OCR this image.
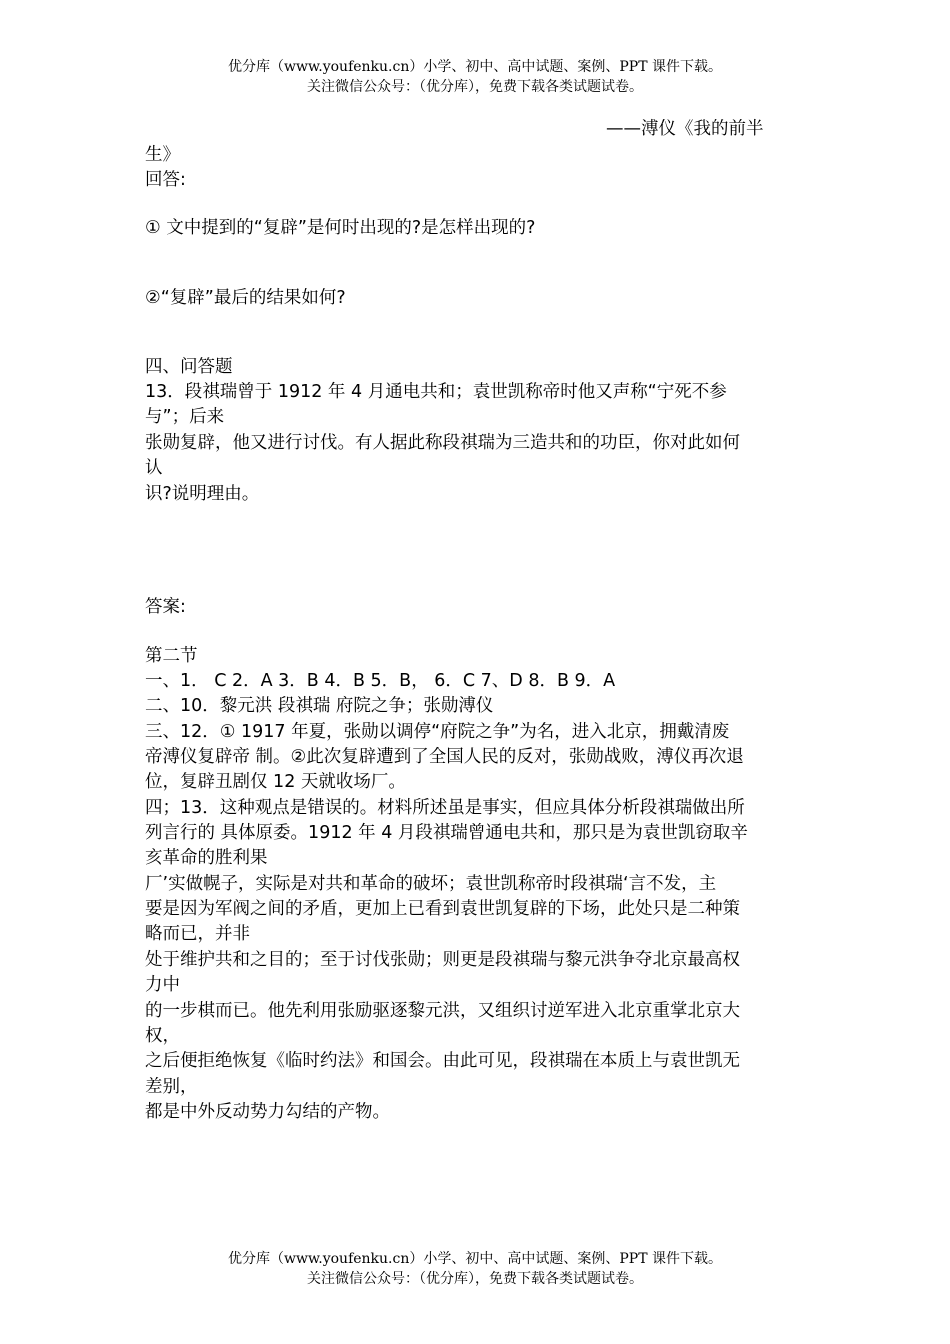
优分库（www.youfenku.cn）小学、初中、高中试题、案例、PPT 课件下载。
关注微信公众号：（优分库），免费下载各类试题试卷。
——溥仪《我的前半
生》
回答:
① 文中提到的“复辟”是何时出现的?是怎样出现的?
②“复辟”最后的结果如何?
四、问答题
13．段祺瑞曾于 1912 年 4 月通电共和；袁世凯称帝时他又声称“宁死不参
与”；后来
张勋复辟，他又进行讨伐。有人据此称段祺瑞为三造共和的功臣，你对此如何
认
识?说明理由。
答案:
第二节
一、1． C 2．A 3．B 4．B 5．B， 6．C 7、D 8．B 9．A
二、10．黎元洪 段祺瑞 府院之争；张勋溥仪
三、12．① 1917 年夏，张勋以调停“府院之争”为名，进入北京，拥戴清废
帝溥仪复辟帝 制。②此次复辟遭到了全国人民的反对，张勋战败，溥仪再次退
位，复辟丑剧仅 12 天就收场厂。
四；13．这种观点是错误的。材料所述虽是事实，但应具体分析段祺瑞做出所
列言行的 具体原委。1912 年 4 月段祺瑞曾通电共和，那只是为袁世凯窃取辛
亥革命的胜利果
厂’实做幌子，实际是对共和革命的破坏；袁世凯称帝时段祺瑞‘言不发，主
要是因为军阀之间的矛盾，更加上已看到袁世凯复辟的下场，此处只是二种策
略而已，并非
处于维护共和之目的；至于讨伐张勋；则更是段祺瑞与黎元洪争夺北京最高权
力中
的一步棋而已。他先利用张励驱逐黎元洪，又组织讨逆军进入北京重掌北京大
权，
之后便拒绝恢复《临时约法》和国会。由此可见，段祺瑞在本质上与袁世凯无
差别，
都是中外反动势力勾结的产物。
优分库（www.youfenku.cn）小学、初中、高中试题、案例、PPT 课件下载。
关注微信公众号：（优分库），免费下载各类试题试卷。
